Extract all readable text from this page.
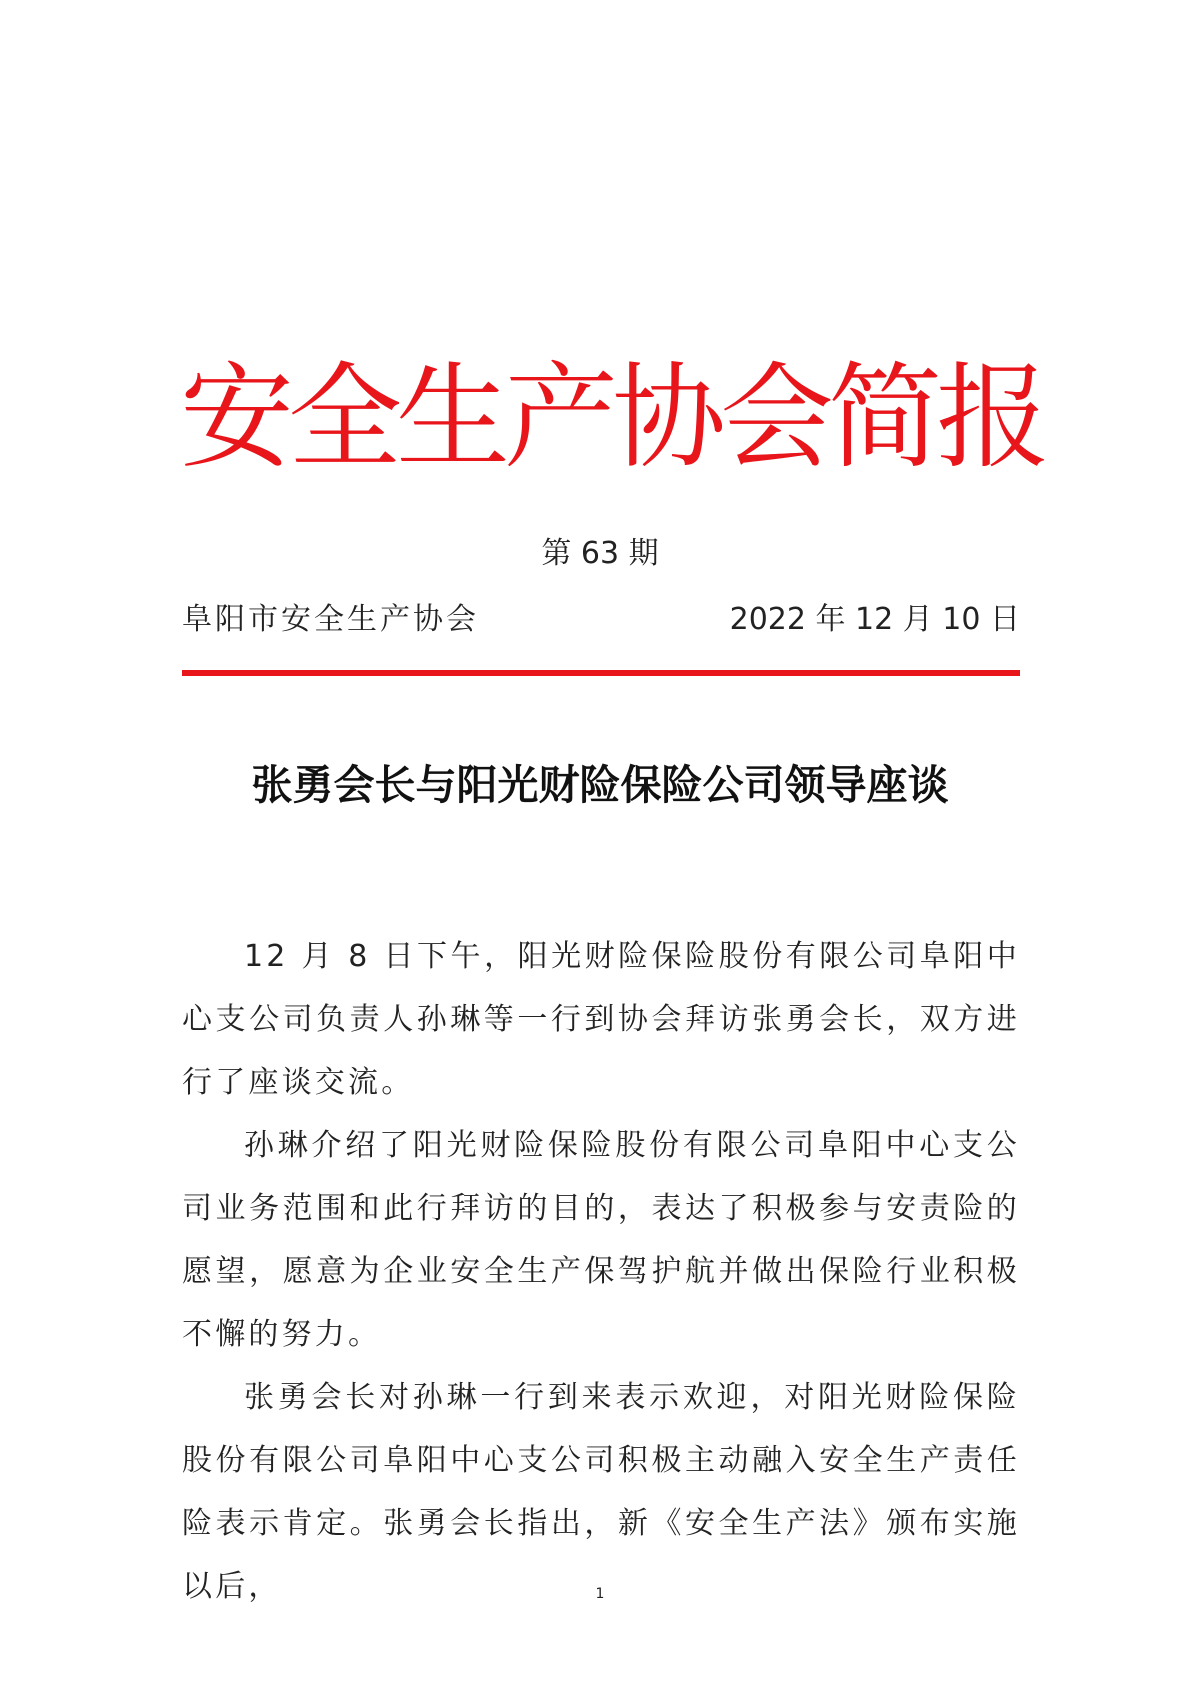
安全生产协会简报
第 63 期
阜阳市安全生产协会	2022 年 12 月 10 日
张勇会长与阳光财险保险公司领导座谈

12 月 8 日下午，阳光财险保险股份有限公司阜阳中心支公司负责人孙琳等一行到协会拜访张勇会长，双方进行了座谈交流。

孙琳介绍了阳光财险保险股份有限公司阜阳中心支公司业务范围和此行拜访的目的，表达了积极参与安责险的愿望，愿意为企业安全生产保驾护航并做出保险行业积极不懈的努力。

张勇会长对孙琳一行到来表示欢迎，对阳光财险保险股份有限公司阜阳中心支公司积极主动融入安全生产责任险表示肯定。张勇会长指出，新《安全生产法》颁布实施以后，	1
